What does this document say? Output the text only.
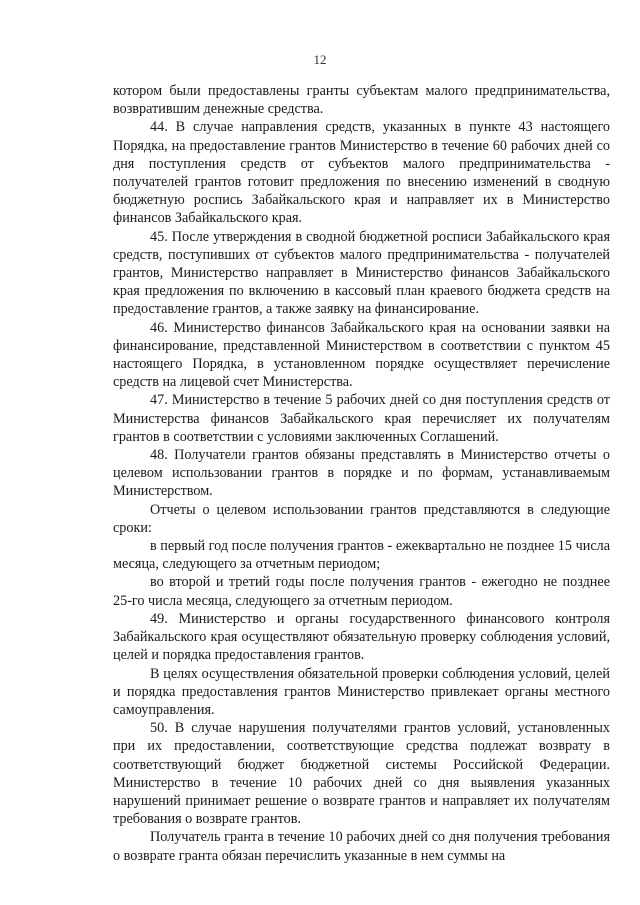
12

котором были предоставлены гранты субъектам малого предпринимательства, возвратившим денежные средства.

44. В случае направления средств, указанных в пункте 43 настоящего Порядка, на предоставление грантов Министерство в течение 60 рабочих дней со дня поступления средств от субъектов малого предпринимательства - получателей грантов готовит предложения по внесению изменений в сводную бюджетную роспись Забайкальского края и направляет их в Министерство финансов Забайкальского края.

45. После утверждения в сводной бюджетной росписи Забайкальского края средств, поступивших от субъектов малого предпринимательства - получателей грантов, Министерство направляет в Министерство финансов Забайкальского края предложения по включению в кассовый план краевого бюджета средств на предоставление грантов, а также заявку на финансирование.

46. Министерство финансов Забайкальского края на основании заявки на финансирование, представленной Министерством в соответствии с пунктом 45 настоящего Порядка, в установленном порядке осуществляет перечисление средств на лицевой счет Министерства.

47. Министерство в течение 5 рабочих дней со дня поступления средств от Министерства финансов Забайкальского края перечисляет их получателям грантов в соответствии с условиями заключенных Соглашений.

48. Получатели грантов обязаны представлять в Министерство отчеты о целевом использовании грантов в порядке и по формам, устанавливаемым Министерством.

Отчеты о целевом использовании грантов представляются в следующие сроки:

в первый год после получения грантов - ежеквартально не позднее 15 числа месяца, следующего за отчетным периодом;

во второй и третий годы после получения грантов - ежегодно не позднее 25-го числа месяца, следующего за отчетным периодом.

49. Министерство и органы государственного финансового контроля Забайкальского края осуществляют обязательную проверку соблюдения условий, целей и порядка предоставления грантов.

В целях осуществления обязательной проверки соблюдения условий, целей и порядка предоставления грантов Министерство привлекает органы местного самоуправления.

50. В случае нарушения получателями грантов условий, установленных при их предоставлении, соответствующие средства подлежат возврату в соответствующий бюджет бюджетной системы Российской Федерации. Министерство в течение 10 рабочих дней со дня выявления указанных нарушений принимает решение о возврате грантов и направляет их получателям требования о возврате грантов.

Получатель гранта в течение 10 рабочих дней со дня получения требования о возврате гранта обязан перечислить указанные в нем суммы на
